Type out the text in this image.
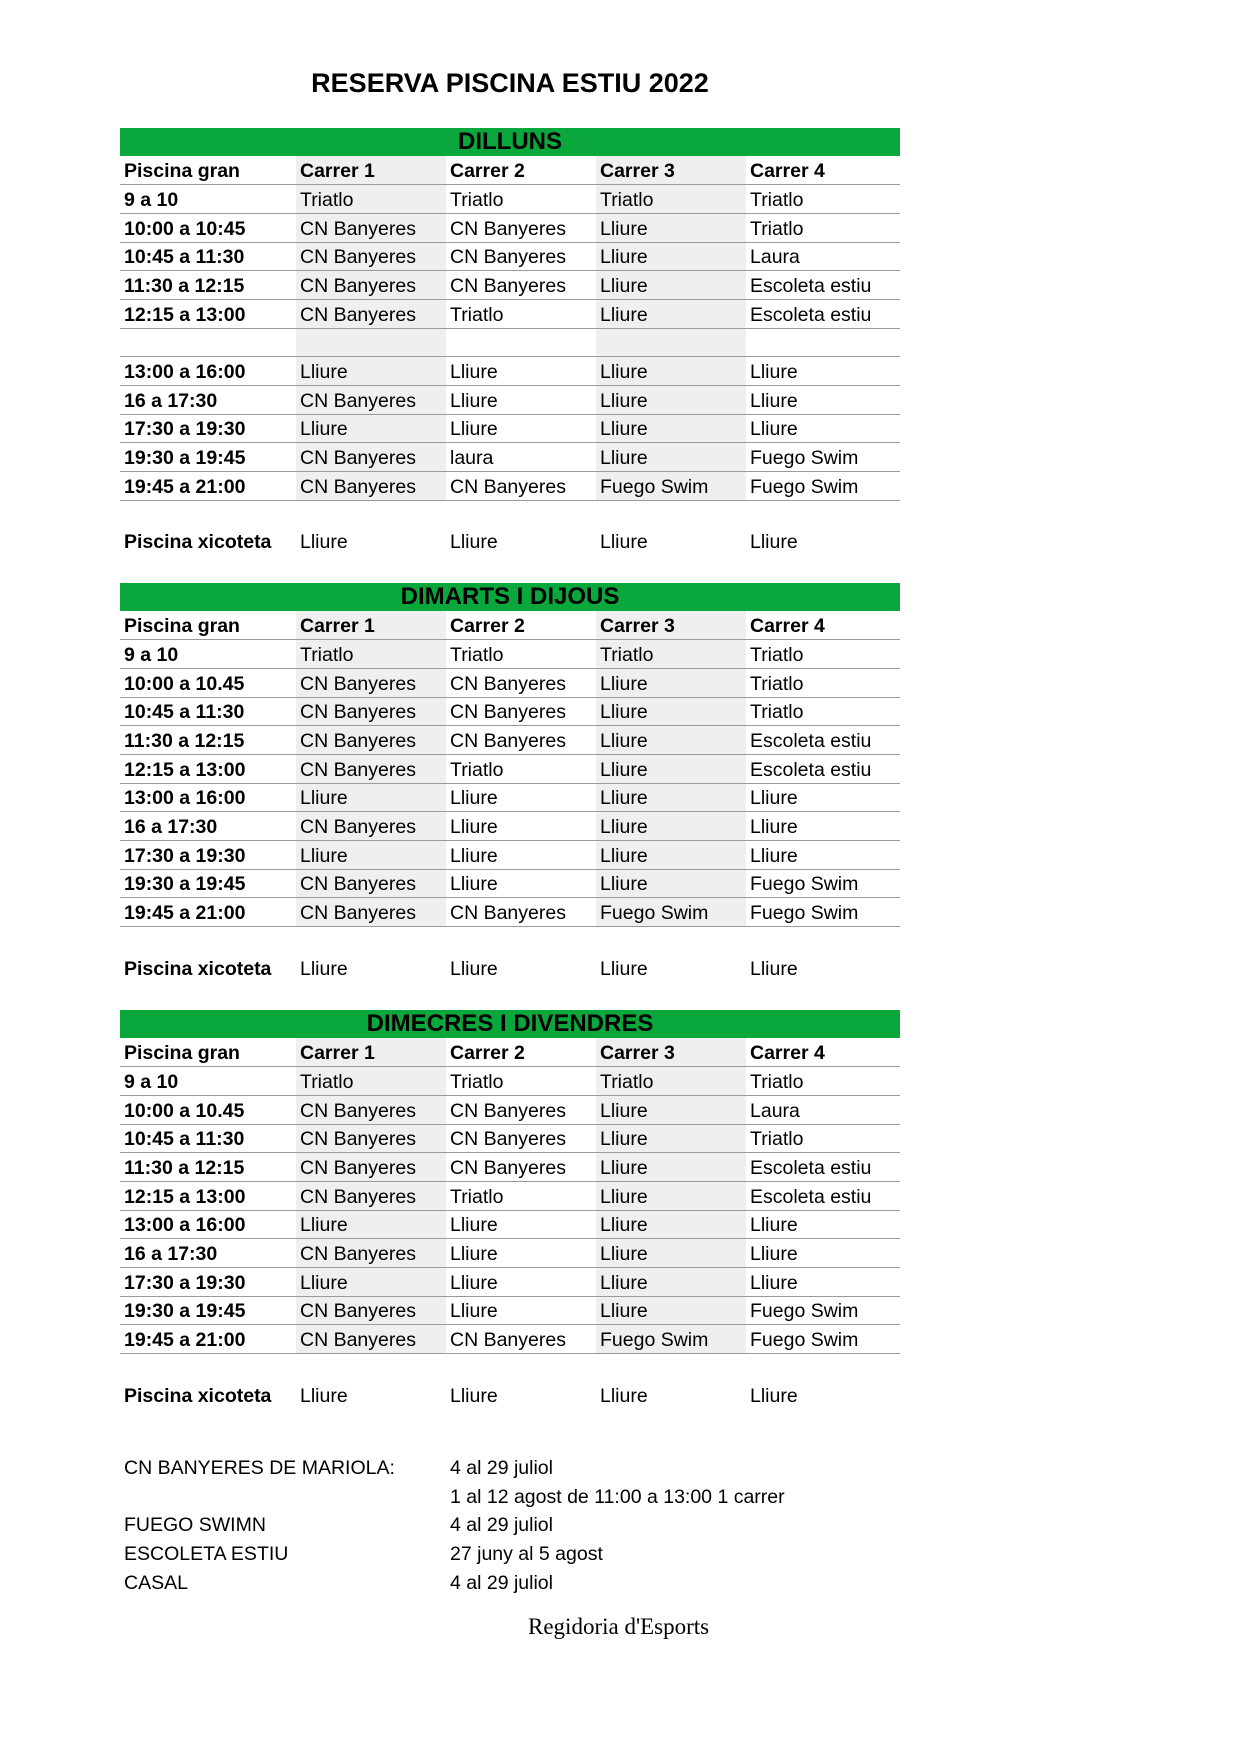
RESERVA PISCINA ESTIU 2022
DILLUNS
Piscina gran	Carrer 1	Carrer 2	Carrer 3	Carrer 4
9 a 10	Triatlo	Triatlo	Triatlo	Triatlo
10:00 a 10:45	CN Banyeres	CN Banyeres	Lliure	Triatlo
10:45 a 11:30	CN Banyeres	CN Banyeres	Lliure	Laura
11:30 a 12:15	CN Banyeres	CN Banyeres	Lliure	Escoleta estiu
12:15 a 13:00	CN Banyeres	Triatlo	Lliure	Escoleta estiu

13:00 a 16:00	Lliure	Lliure	Lliure	Lliure
16 a 17:30	CN Banyeres	Lliure	Lliure	Lliure
17:30 a 19:30	Lliure	Lliure	Lliure	Lliure
19:30 a 19:45	CN Banyeres	laura	Lliure	Fuego Swim
19:45 a 21:00	CN Banyeres	CN Banyeres	Fuego Swim	Fuego Swim
Piscina xicoteta	Lliure	Lliure	Lliure	Lliure
DIMARTS I DIJOUS
Piscina gran	Carrer 1	Carrer 2	Carrer 3	Carrer 4
9 a 10	Triatlo	Triatlo	Triatlo	Triatlo
10:00 a 10.45	CN Banyeres	CN Banyeres	Lliure	Triatlo
10:45 a 11:30	CN Banyeres	CN Banyeres	Lliure	Triatlo
11:30 a 12:15	CN Banyeres	CN Banyeres	Lliure	Escoleta estiu
12:15 a 13:00	CN Banyeres	Triatlo	Lliure	Escoleta estiu
13:00 a 16:00	Lliure	Lliure	Lliure	Lliure
16 a 17:30	CN Banyeres	Lliure	Lliure	Lliure
17:30 a 19:30	Lliure	Lliure	Lliure	Lliure
19:30 a 19:45	CN Banyeres	Lliure	Lliure	Fuego Swim
19:45 a 21:00	CN Banyeres	CN Banyeres	Fuego Swim	Fuego Swim
Piscina xicoteta	Lliure	Lliure	Lliure	Lliure
DIMECRES I DIVENDRES
Piscina gran	Carrer 1	Carrer 2	Carrer 3	Carrer 4
9 a 10	Triatlo	Triatlo	Triatlo	Triatlo
10:00 a 10.45	CN Banyeres	CN Banyeres	Lliure	Laura
10:45 a 11:30	CN Banyeres	CN Banyeres	Lliure	Triatlo
11:30 a 12:15	CN Banyeres	CN Banyeres	Lliure	Escoleta estiu
12:15 a 13:00	CN Banyeres	Triatlo	Lliure	Escoleta estiu
13:00 a 16:00	Lliure	Lliure	Lliure	Lliure
16 a 17:30	CN Banyeres	Lliure	Lliure	Lliure
17:30 a 19:30	Lliure	Lliure	Lliure	Lliure
19:30 a 19:45	CN Banyeres	Lliure	Lliure	Fuego Swim
19:45 a 21:00	CN Banyeres	CN Banyeres	Fuego Swim	Fuego Swim
Piscina xicoteta	Lliure	Lliure	Lliure	Lliure
CN BANYERES DE MARIOLA:	4 al 29 juliol
1 al 12 agost de 11:00 a 13:00 1 carrer
FUEGO SWIMN	4 al 29 juliol
ESCOLETA ESTIU	27 juny al 5 agost
CASAL	4 al 29 juliol
Regidoria d'Esports
